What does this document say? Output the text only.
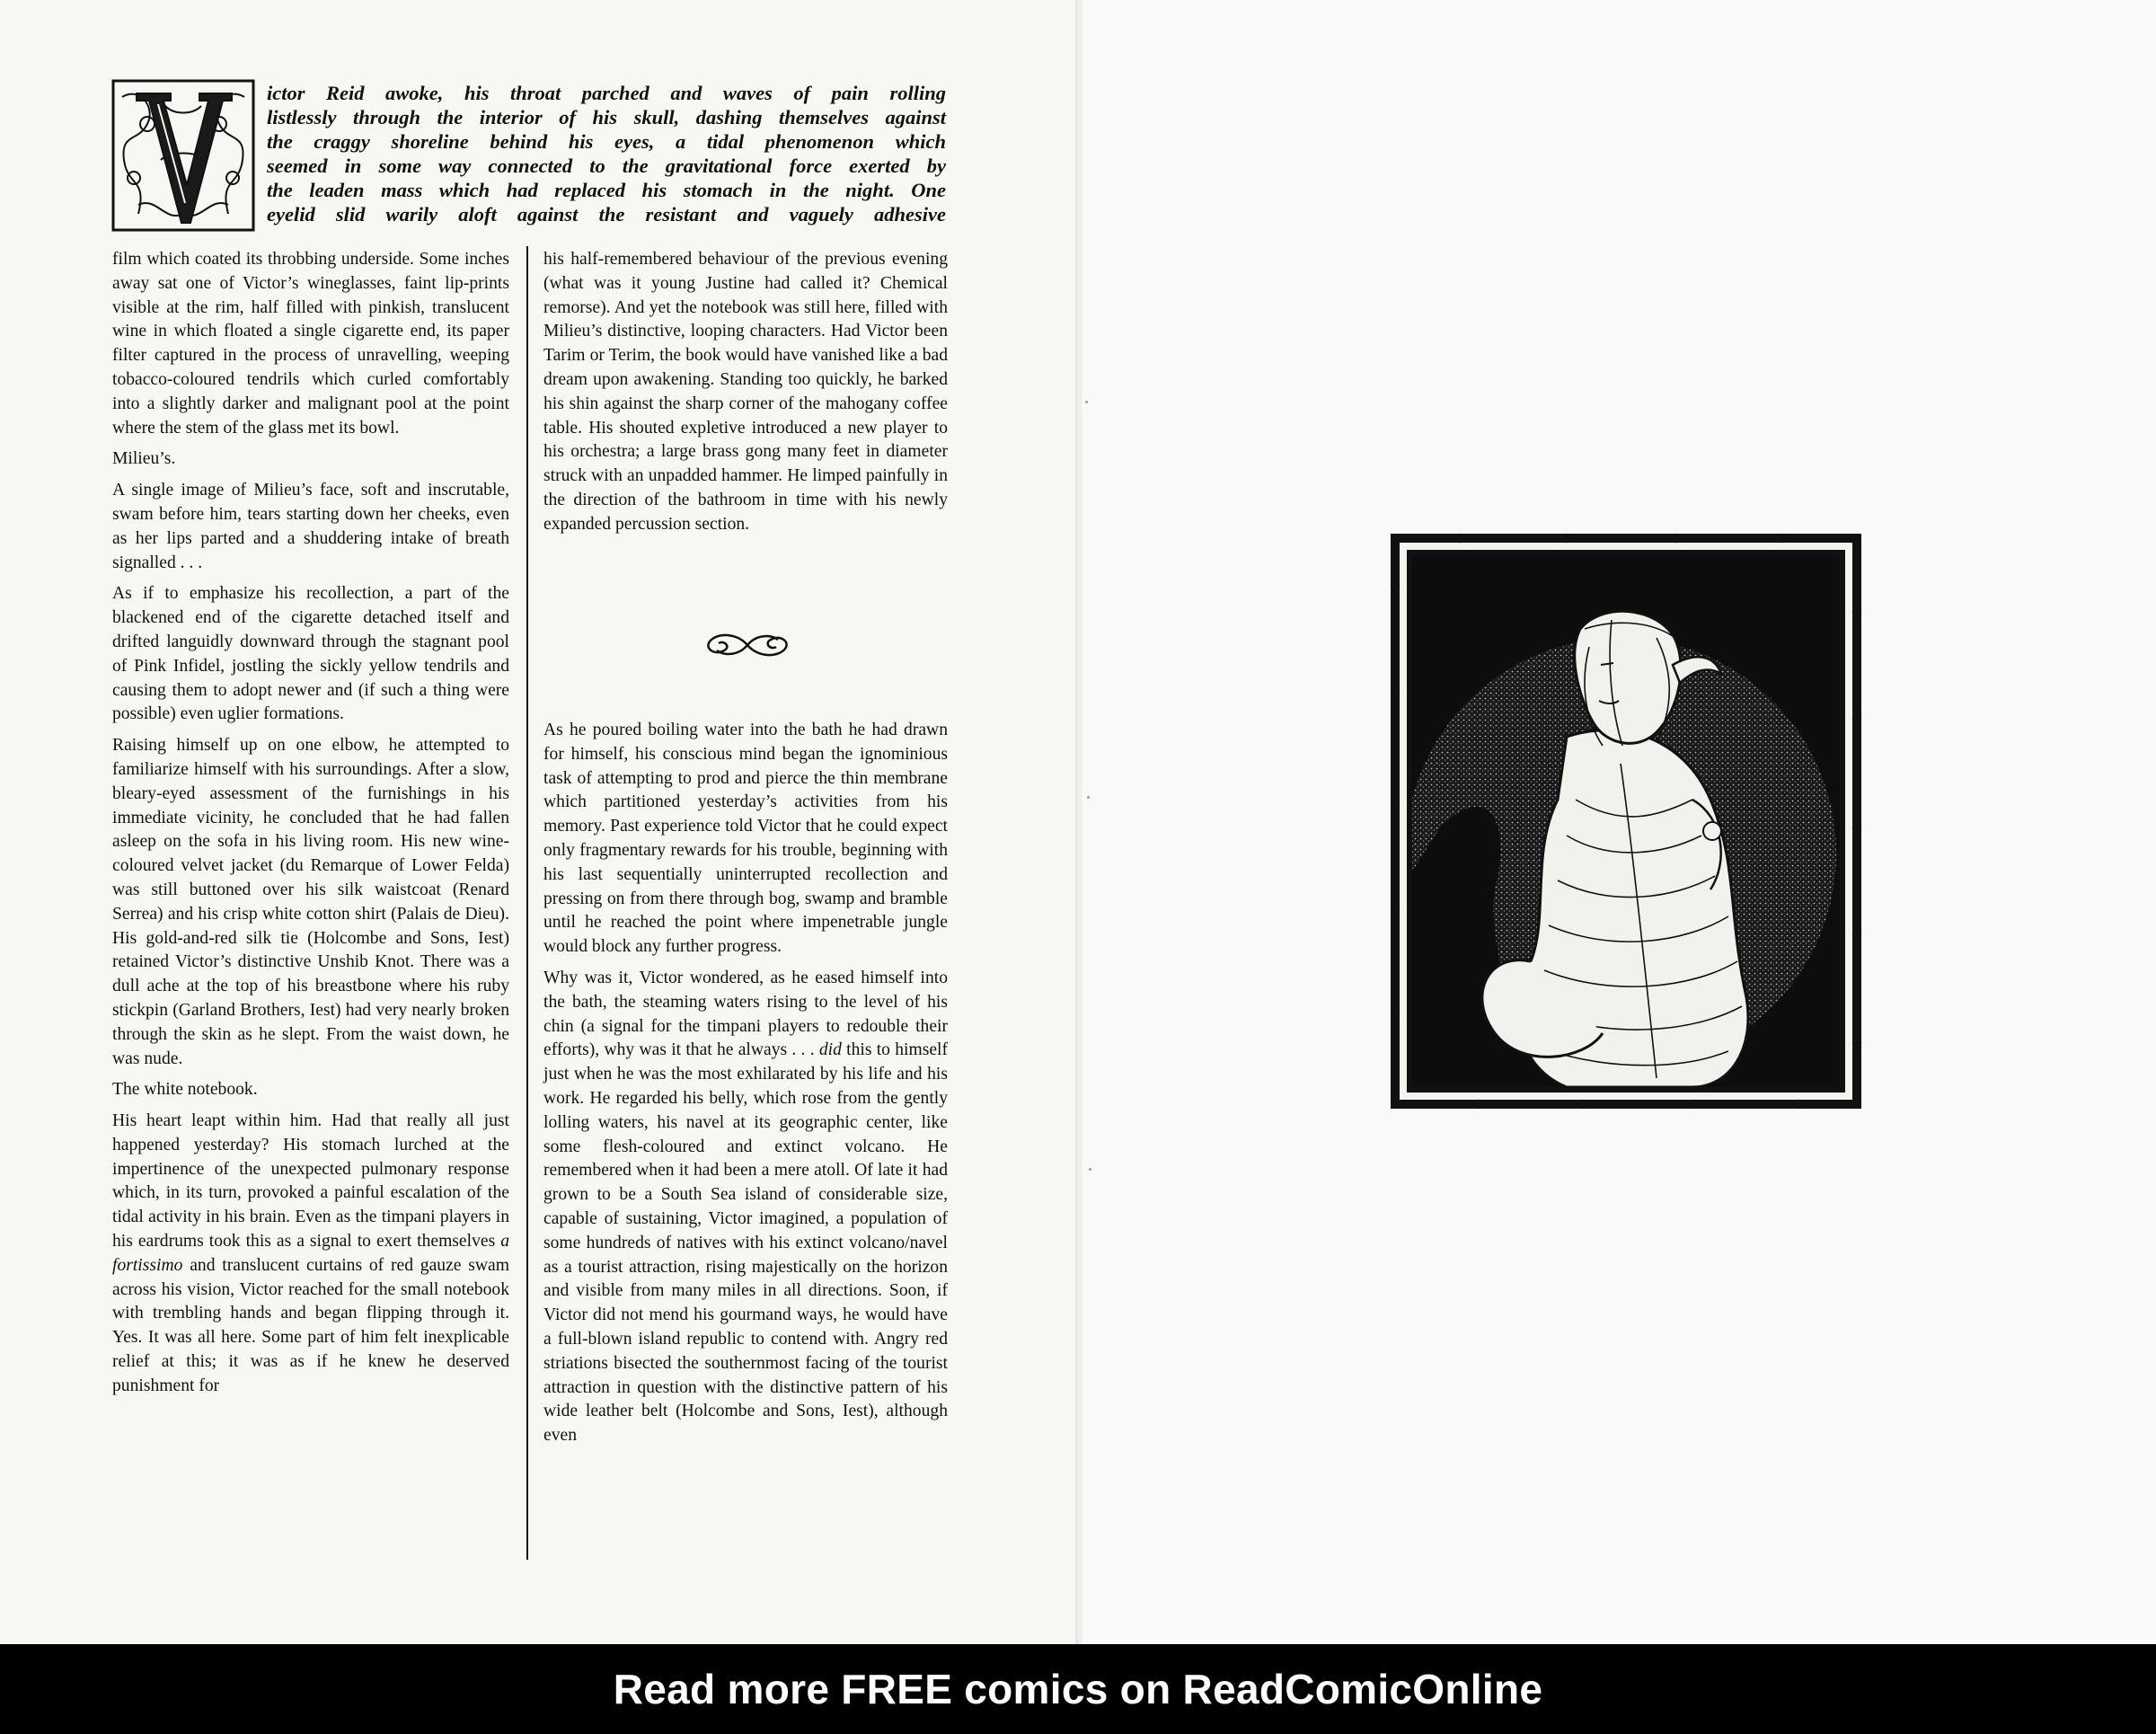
ictor Reid awoke, his throat parched and waves of pain rolling
listlessly through the interior of his skull, dashing themselves against
the craggy shoreline behind his eyes, a tidal phenomenon which
seemed in some way connected to the gravitational force exerted by
the leaden mass which had replaced his stomach in the night. One
eyelid slid warily aloft against the resistant and vaguely adhesive

film which coated its throbbing underside. Some inches away sat one of Victor’s wineglasses, faint lip-prints visible at the rim, half filled with pinkish, translucent wine in which floated a single cigarette end, its paper filter captured in the process of unravelling, weeping tobacco-coloured tendrils which curled comfortably into a slightly darker and malignant pool at the point where the stem of the glass met its bowl.

Milieu’s.

A single image of Milieu’s face, soft and inscrutable, swam before him, tears starting down her cheeks, even as her lips parted and a shuddering intake of breath signalled . . .

As if to emphasize his recollection, a part of the blackened end of the cigarette detached itself and drifted languidly downward through the stagnant pool of Pink Infidel, jostling the sickly yellow tendrils and causing them to adopt newer and (if such a thing were possible) even uglier formations.

Raising himself up on one elbow, he attempted to familiarize himself with his surroundings. After a slow, bleary-eyed assessment of the furnishings in his immediate vicinity, he concluded that he had fallen asleep on the sofa in his living room. His new wine-coloured velvet jacket (du Remarque of Lower Felda) was still buttoned over his silk waistcoat (Renard Serrea) and his crisp white cotton shirt (Palais de Dieu). His gold-and-red silk tie (Holcombe and Sons, Iest) retained Victor’s distinctive Unshib Knot. There was a dull ache at the top of his breastbone where his ruby stickpin (Garland Brothers, Iest) had very nearly broken through the skin as he slept. From the waist down, he was nude.

The white notebook.

His heart leapt within him. Had that really all just happened yesterday? His stomach lurched at the impertinence of the unexpected pulmonary response which, in its turn, provoked a painful escalation of the tidal activity in his brain. Even as the timpani players in his eardrums took this as a signal to exert themselves a fortissimo and translucent curtains of red gauze swam across his vision, Victor reached for the small notebook with trembling hands and began flipping through it. Yes. It was all here. Some part of him felt inexplicable relief at this; it was as if he knew he deserved punishment for

his half-remembered behaviour of the previous evening (what was it young Justine had called it? Chemical remorse). And yet the notebook was still here, filled with Milieu’s distinctive, looping characters. Had Victor been Tarim or Terim, the book would have vanished like a bad dream upon awakening. Standing too quickly, he barked his shin against the sharp corner of the mahogany coffee table. His shouted expletive introduced a new player to his orchestra; a large brass gong many feet in diameter struck with an unpadded hammer. He limped painfully in the direction of the bathroom in time with his newly expanded percussion section.

As he poured boiling water into the bath he had drawn for himself, his conscious mind began the ignominious task of attempting to prod and pierce the thin membrane which partitioned yesterday’s activities from his memory. Past experience told Victor that he could expect only fragmentary rewards for his trouble, beginning with his last sequentially uninterrupted recollection and pressing on from there through bog, swamp and bramble until he reached the point where impenetrable jungle would block any further progress.

Why was it, Victor wondered, as he eased himself into the bath, the steaming waters rising to the level of his chin (a signal for the timpani players to redouble their efforts), why was it that he always . . . did this to himself just when he was the most exhilarated by his life and his work. He regarded his belly, which rose from the gently lolling waters, his navel at its geographic center, like some flesh-coloured and extinct volcano. He remembered when it had been a mere atoll. Of late it had grown to be a South Sea island of considerable size, capable of sustaining, Victor imagined, a population of some hundreds of natives with his extinct volcano/navel as a tourist attraction, rising majestically on the horizon and visible from many miles in all directions. Soon, if Victor did not mend his gourmand ways, he would have a full-blown island republic to contend with. Angry red striations bisected the southernmost facing of the tourist attraction in question with the distinctive pattern of his wide leather belt (Holcombe and Sons, Iest), although even

Read more FREE comics on ReadComicOnline
